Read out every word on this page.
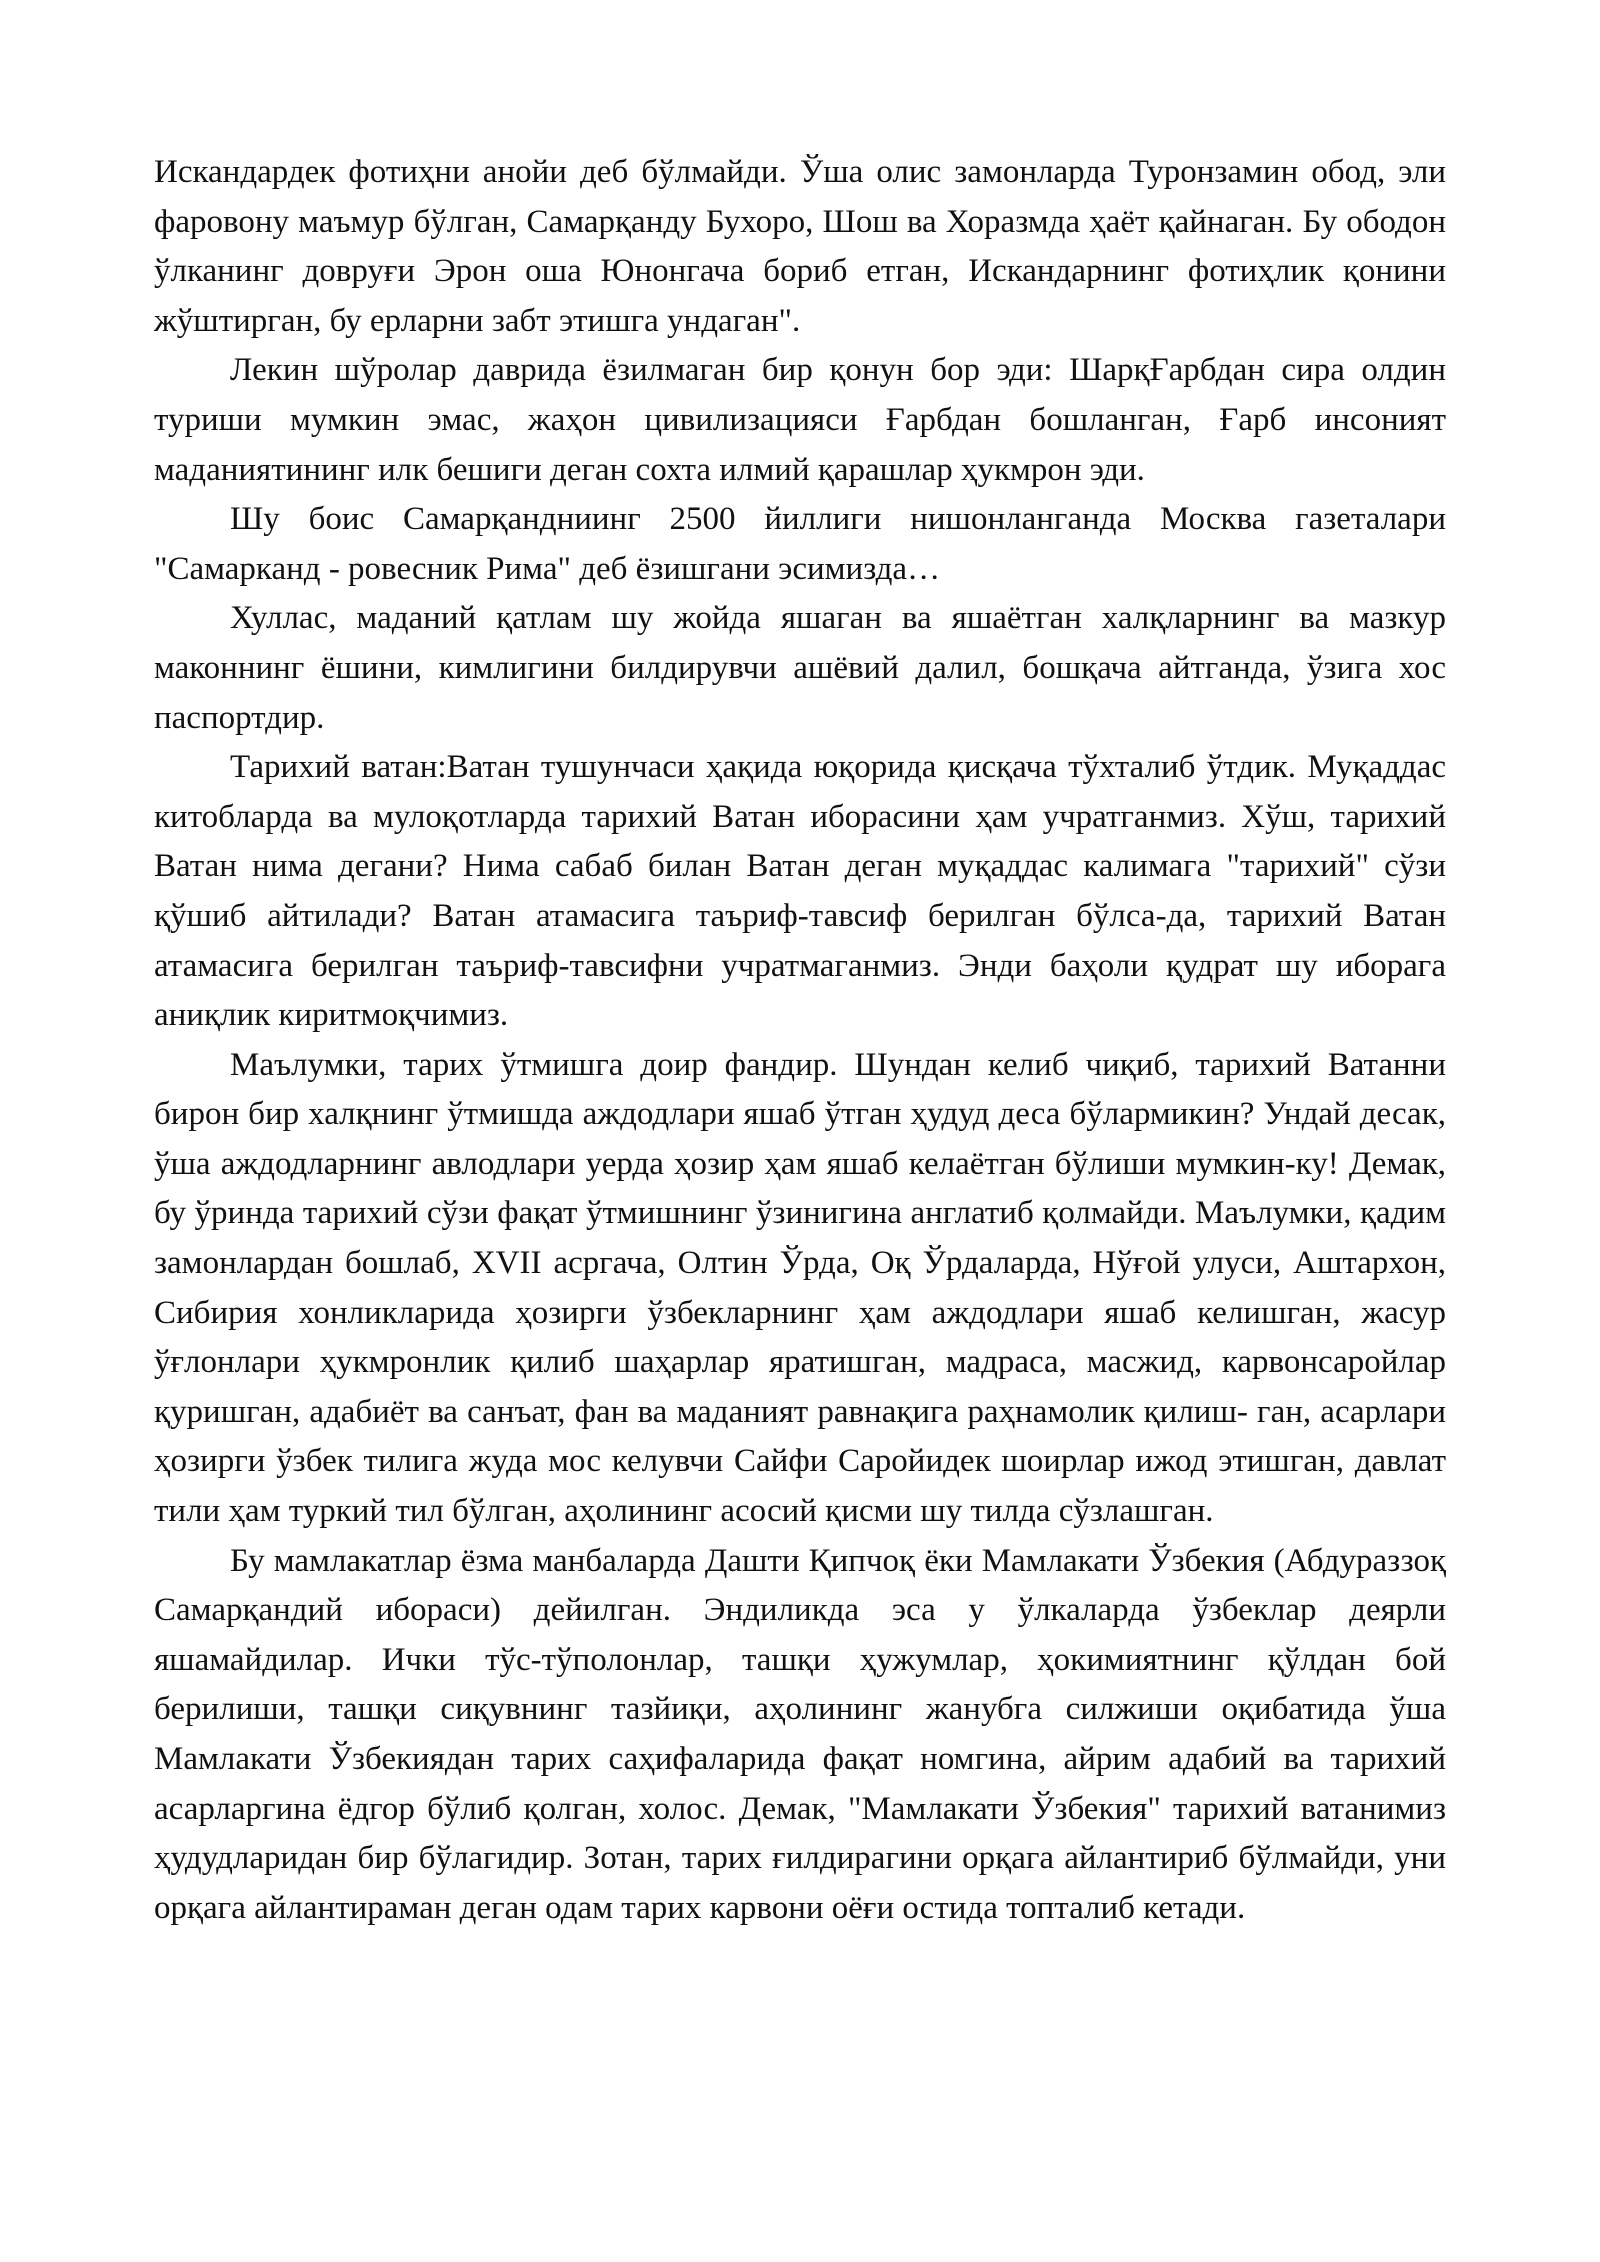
Искандардек фотиҳни анойи деб бўлмайди. Ўша олис замонларда Туронзамин обод, эли фаровону маъмур бўлган, Самарқанду Бухоро, Шош ва Хоразмда ҳаёт қайнаган. Бу ободон ўлканинг довруғи Эрон оша Юнонгача бориб етган, Искандарнинг фотиҳлик қонини жўштирган, бу ерларни забт этишга ундаган".

Лекин шўролар даврида ёзилмаган бир қонун бор эди: ШарқҒарбдан сира олдин туриши мумкин эмас, жаҳон цивилизацияси Ғарбдан бошланган, Ғарб инсоният маданиятининг илк бешиги деган сохта илмий қарашлар ҳукмрон эди.

Шу боис Самарқандниинг 2500 йиллиги нишонланганда Москва газеталари "Самарканд - ровесник Рима" деб ёзишгани эсимизда…

Хуллас, маданий қатлам шу жойда яшаган ва яшаётган халқларнинг ва мазкур маконнинг ёшини, кимлигини билдирувчи ашёвий далил, бошқача айтганда, ўзига хос паспортдир.

Тарихий ватан:Ватан тушунчаси ҳақида юқорида қисқача тўхталиб ўтдик. Муқаддас китобларда ва мулоқотларда тарихий Ватан иборасини ҳам учратганмиз. Хўш, тарихий Ватан нима дегани? Нима сабаб билан Ватан деган муқаддас калимага "тарихий" сўзи қўшиб айтилади? Ватан атамасига таъриф-тавсиф берилган бўлса-да, тарихий Ватан атамасига берилган таъриф-тавсифни учратмаганмиз. Энди баҳоли қудрат шу иборага аниқлик киритмоқчимиз.

Маълумки, тарих ўтмишга доир фандир. Шундан келиб чиқиб, тарихий Ватанни бирон бир халқнинг ўтмишда аждодлари яшаб ўтган ҳудуд деса бўлармикин? Ундай десак, ўша аждодларнинг авлодлари уерда ҳозир ҳам яшаб келаётган бўлиши мумкин-ку! Демак, бу ўринда тарихий сўзи фақат ўтмишнинг ўзинигина англатиб қолмайди. Маълумки, қадим замонлардан бошлаб, XVII асргача, Олтин Ўрда, Оқ Ўрдаларда, Нўғой улуси, Аштархон, Сибирия хонликларида ҳозирги ўзбекларнинг ҳам аждодлари яшаб келишган, жасур ўғлонлари ҳукмронлик қилиб шаҳарлар яратишган, мадраса, масжид, карвонсаройлар қуришган, адабиёт ва санъат, фан ва маданият равнақига раҳнамолик қилиш- ган, асарлари ҳозирги ўзбек тилига жуда мос келувчи Сайфи Саройидек шоирлар ижод этишган, давлат тили ҳам туркий тил бўлган, аҳолининг асосий қисми шу тилда сўзлашган.

Бу мамлакатлар ёзма манбаларда Дашти Қипчоқ ёки Мамлакати Ўзбекия (Абдураззоқ Самарқандий ибораси) дейилган. Эндиликда эса у ўлкаларда ўзбеклар деярли яшамайдилар. Ички тўс-тўполонлар, ташқи ҳужумлар, ҳокимиятнинг қўлдан бой берилиши, ташқи сиқувнинг тазйиқи, аҳолининг жанубга силжиши оқибатида ўша Мамлакати Ўзбекиядан тарих саҳифаларида фақат номгина, айрим адабий ва тарихий асарларгина ёдгор бўлиб қолган, холос. Демак, "Мамлакати Ўзбекия" тарихий ватанимиз ҳудудларидан бир бўлагидир. Зотан, тарих ғилдирагини орқага айлантириб бўлмайди, уни орқага айлантираман деган одам тарих карвони оёғи остида топталиб кетади.
